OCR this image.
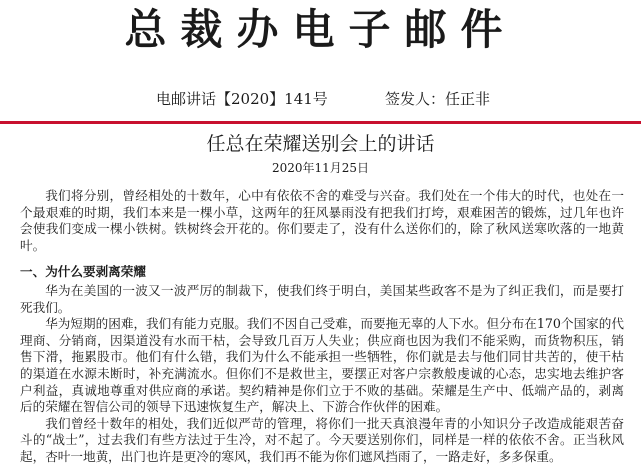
总裁办电子邮件
电邮讲话【2020】141号	签发人：任正非
任总在荣耀送别会上的讲话
2020年11月25日

我们将分别，曾经相处的十数年，心中有依依不舍的难受与兴奋。我们处在一个伟大的时代，也处在一个最艰难的时期，我们本来是一棵小草，这两年的狂风暴雨没有把我们打垮，艰难困苦的锻炼，过几年也许会使我们变成一棵小铁树。铁树终会开花的。你们要走了，没有什么送你们的，除了秋风送寒吹落的一地黄叶。

一、为什么要剥离荣耀

华为在美国的一波又一波严厉的制裁下，使我们终于明白，美国某些政客不是为了纠正我们，而是要打死我们。

华为短期的困难，我们有能力克服。我们不因自己受难，而要拖无辜的人下水。但分布在170个国家的代理商、分销商，因渠道没有水而干枯，会导致几百万人失业；供应商也因为我们不能采购，而货物积压，销售下滑，拖累股市。他们有什么错，我们为什么不能承担一些牺牲，你们就是去与他们同甘共苦的，使干枯的渠道在水源未断时，补充满流水。但你们不是救世主，要摆正对客户宗教般虔诚的心态，忠实地去维护客户利益，真诚地尊重对供应商的承诺。契约精神是你们立于不败的基础。荣耀是生产中、低端产品的，剥离后的荣耀在智信公司的领导下迅速恢复生产，解决上、下游合作伙伴的困难。

我们曾经十数年的相处，我们近似严苛的管理，将你们一批天真浪漫年青的小知识分子改造成能艰苦奋斗的“战士”，过去我们有些方法过于生冷，对不起了。今天要送别你们，同样是一样的依依不舍。正当秋风起，杏叶一地黄，出门也许是更冷的寒风，我们再不能为你们遮风挡雨了，一路走好，多多保重。
